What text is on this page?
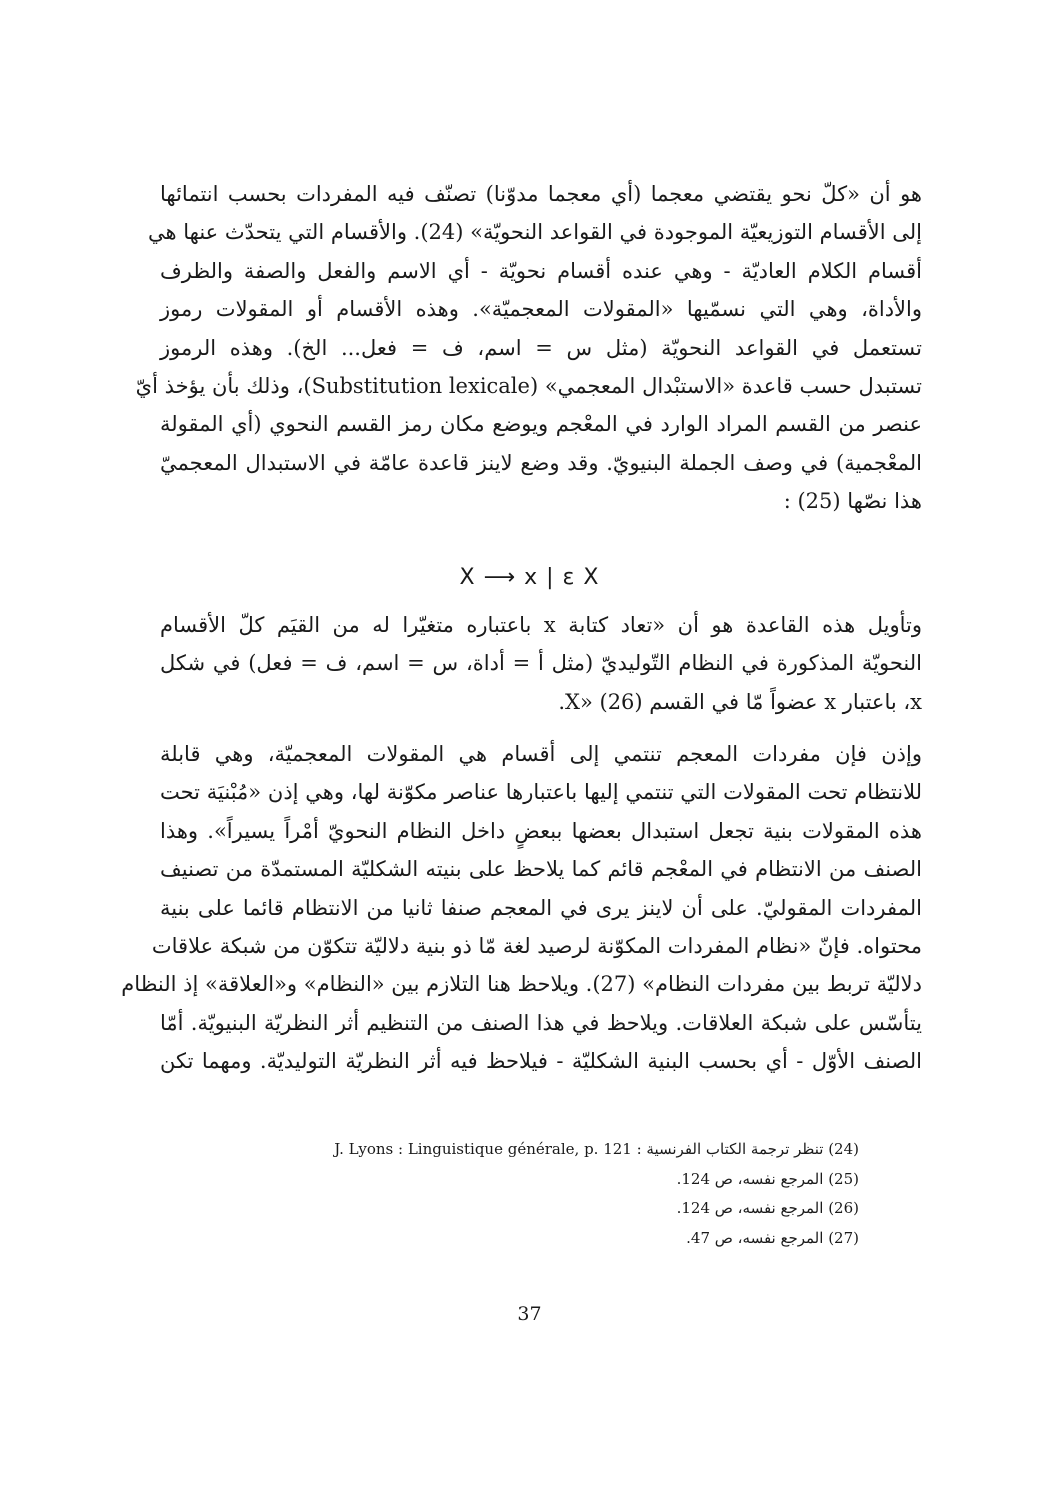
هو أن «كلّ نحو يقتضي معجما (أي معجما مدوّنا) تصنّف فيه المفردات بحسب انتمائها
إلى الأقسام التوزيعيّة الموجودة في القواعد النحويّة» (24). والأقسام التي يتحدّث عنها هي
أقسام الكلام العاديّة - وهي عنده أقسام نحويّة - أي الاسم والفعل والصفة والظرف
والأداة، وهي التي نسمّيها «المقولات المعجميّة». وهذه الأقسام أو المقولات رموز
تستعمل في القواعد النحويّة (مثل س = اسم، ف = فعل... الخ). وهذه الرموز
تستبدل حسب قاعدة «الاستبْدال المعجمي» (Substitution lexicale)، وذلك بأن يؤخذ أيّ
عنصر من القسم المراد الوارد في المعْجم ويوضع مكان رمز القسم النحوي (أي المقولة
المعْجمية) في وصف الجملة البنيويّ. وقد وضع لاينز قاعدة عامّة في الاستبدال المعجميّ
هذا نصّها (25) :
X ⟶ x | ε X
وتأويل هذه القاعدة هو أن «تعاد كتابة x باعتباره متغيّرا له من القيَم كلّ الأقسام
النحويّة المذكورة في النظام التّوليديّ (مثل أ = أداة، س = اسم، ف = فعل) في شكل
x، باعتبار x عضواً مّا في القسم X» (26).
وإذن فإن مفردات المعجم تنتمي إلى أقسام هي المقولات المعجميّة، وهي قابلة
للانتظام تحت المقولات التي تنتمي إليها باعتبارها عناصر مكوّنة لها، وهي إذن «مُبْنيَة تحت
هذه المقولات بنية تجعل استبدال بعضها ببعضٍ داخل النظام النحويّ أمْراً يسيراً». وهذا
الصنف من الانتظام في المعْجم قائم كما يلاحظ على بنيته الشكليّة المستمدّة من تصنيف
المفردات المقوليّ. على أن لاينز يرى في المعجم صنفا ثانيا من الانتظام قائما على بنية
محتواه. فإنّ «نظام المفردات المكوّنة لرصيد لغة مّا ذو بنية دلاليّة تتكوّن من شبكة علاقات
دلاليّة تربط بين مفردات النظام» (27). ويلاحظ هنا التلازم بين «النظام» و«العلاقة» إذ النظام
يتأسّس على شبكة العلاقات. ويلاحظ في هذا الصنف من التنظيم أثر النظريّة البنيويّة. أمّا
الصنف الأوّل - أي بحسب البنية الشكليّة - فيلاحظ فيه أثر النظريّة التوليديّة. ومهما تكن
(24) تنظر ترجمة الكتاب الفرنسية : J. Lyons : Linguistique générale, p. 121
(25) المرجع نفسه، ص 124.
(26) المرجع نفسه، ص 124.
(27) المرجع نفسه، ص 47.
37
